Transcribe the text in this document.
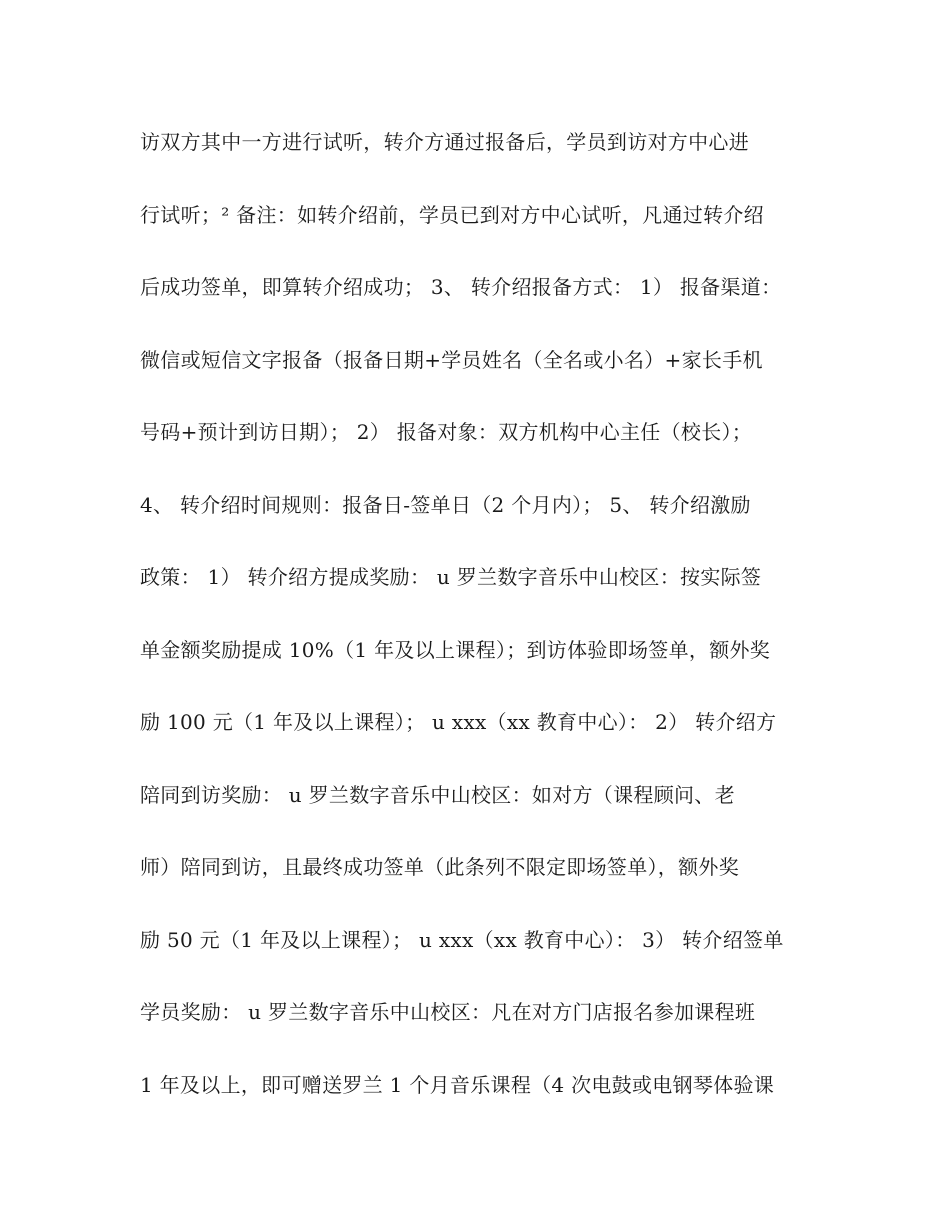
访双方其中一方进行试听，转介方通过报备后，学员到访对方中心进
行试听；² 备注：如转介绍前，学员已到对方中心试听，凡通过转介绍
后成功签单，即算转介绍成功； 3、 转介绍报备方式： 1） 报备渠道：
微信或短信文字报备（报备日期+学员姓名（全名或小名）+家长手机
号码+预计到访日期）； 2） 报备对象：双方机构中心主任（校长）；
4、 转介绍时间规则：报备日-签单日（2 个月内）； 5、 转介绍激励
政策： 1） 转介绍方提成奖励： u 罗兰数字音乐中山校区：按实际签
单金额奖励提成 10%（1 年及以上课程）；到访体验即场签单，额外奖
励 100 元（1 年及以上课程）； u xxx（xx 教育中心）： 2） 转介绍方
陪同到访奖励： u 罗兰数字音乐中山校区：如对方（课程顾问、老
师）陪同到访，且最终成功签单（此条列不限定即场签单），额外奖
励 50 元（1 年及以上课程）； u xxx（xx 教育中心）： 3） 转介绍签单
学员奖励： u 罗兰数字音乐中山校区：凡在对方门店报名参加课程班
1 年及以上，即可赠送罗兰 1 个月音乐课程（4 次电鼓或电钢琴体验课
